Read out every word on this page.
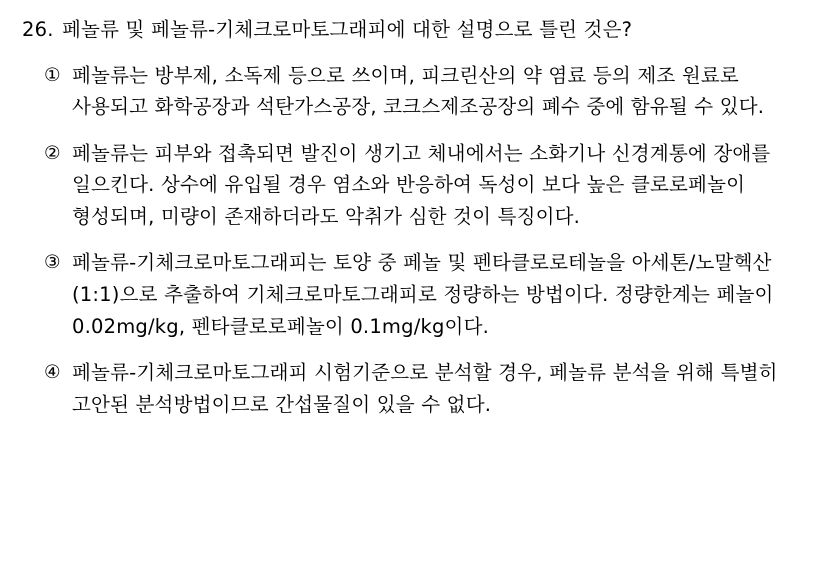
26. 페놀류 및 페놀류-기체크로마토그래피에 대한 설명으로 틀린 것은?
① 페놀류는 방부제, 소독제 등으로 쓰이며, 피크린산의 약 염료 등의 제조 원료로 사용되고 화학공장과 석탄가스공장, 코크스제조공장의 폐수 중에 함유될 수 있다.
② 페놀류는 피부와 접촉되면 발진이 생기고 체내에서는 소화기나 신경계통에 장애를 일으킨다. 상수에 유입될 경우 염소와 반응하여 독성이 보다 높은 클로로페놀이 형성되며, 미량이 존재하더라도 악취가 심한 것이 특징이다.
③ 페놀류-기체크로마토그래피는 토양 중 페놀 및 펜타클로로테놀을 아세톤/노말헥산(1:1)으로 추출하여 기체크로마토그래피로 정량하는 방법이다. 정량한계는 페놀이 0.02mg/kg, 펜타클로로페놀이 0.1mg/kg이다.
④ 페놀류-기체크로마토그래피 시험기준으로 분석할 경우, 페놀류 분석을 위해 특별히 고안된 분석방법이므로 간섭물질이 있을 수 없다.
